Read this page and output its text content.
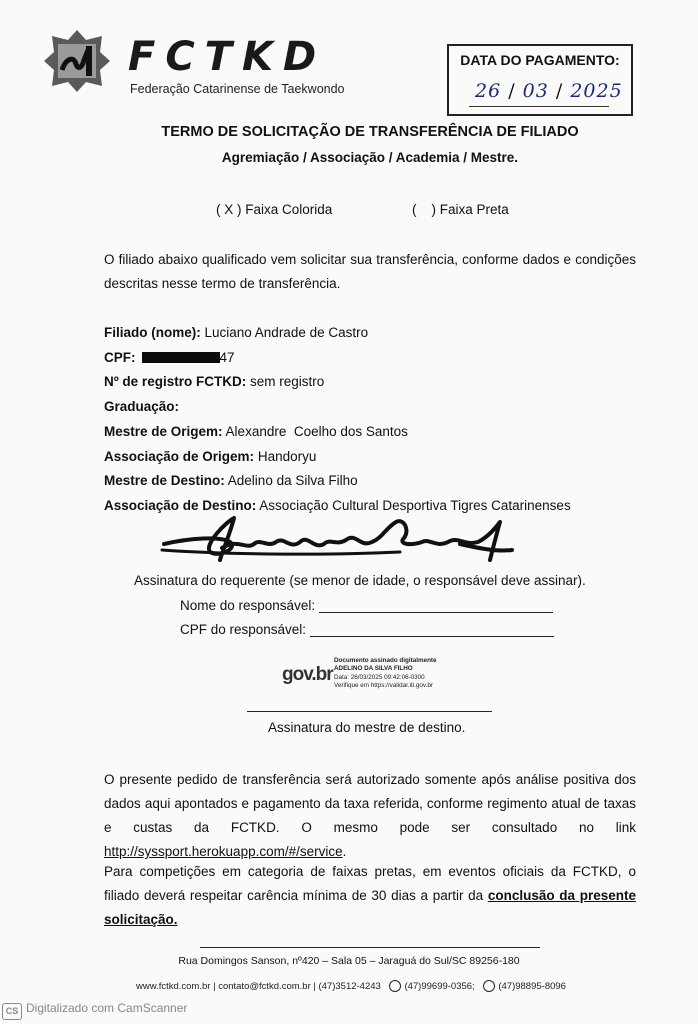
FCTKD
Federação Catarinense de Taekwondo
DATA DO PAGAMENTO:
26 / 03 / 2025
TERMO DE SOLICITAÇÃO DE TRANSFERÊNCIA DE FILIADO
Agremiação / Associação / Academia / Mestre.
( X ) Faixa Colorida	(    ) Faixa Preta
O filiado abaixo qualificado vem solicitar sua transferência, conforme dados e condições descritas nesse termo de transferência.
Filiado (nome): Luciano Andrade de Castro
CPF:	47
Nº de registro FCTKD: sem registro
Graduação:
Mestre de Origem: Alexandre  Coelho dos Santos
Associação de Origem: Handoryu
Mestre de Destino: Adelino da Silva Filho
Associação de Destino: Associação Cultural Desportiva Tigres Catarinenses
Assinatura do requerente (se menor de idade, o responsável deve assinar).
Nome do responsável:
CPF do responsável:
gov.br
Documento assinado digitalmente
ADELINO DA SILVA FILHO
Data: 26/03/2025 09:42:06-0300
Verifique em https://validar.iti.gov.br
Assinatura do mestre de destino.
O presente pedido de transferência será autorizado somente após análise positiva dos dados aqui apontados e pagamento da taxa referida, conforme regimento atual de taxas e custas da FCTKD. O mesmo pode ser consultado no link http://syssport.herokuapp.com/#/service.
Para competições em categoria de faixas pretas, em eventos oficiais da FCTKD, o filiado deverá respeitar carência mínima de 30 dias a partir da conclusão da presente solicitação.
Rua Domingos Sanson, nº420 – Sala 05 – Jaraguá do Sul/SC 89256-180
www.fctkd.com.br | contato@fctkd.com.br | (47)3512-4243 (47)99699-0356; (47)98895-8096
CS Digitalizado com CamScanner
